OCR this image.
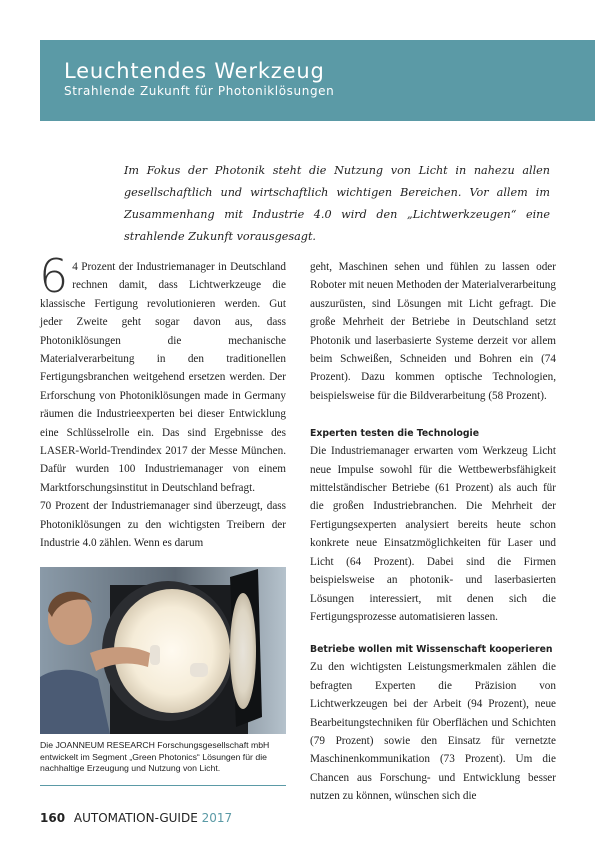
Leuchtendes Werkzeug
Strahlende Zukunft für Photoniklösungen

Im Fokus der Photonik steht die Nutzung von Licht in nahezu allen gesellschaftlich und wirtschaftlich wichtigen Bereichen. Vor allem im Zusammenhang mit Industrie 4.0 wird den „Lichtwerkzeugen“ eine strahlende Zukunft vorausgesagt.

6 4 Prozent der Industriemanager in Deutschland rechnen damit, dass Lichtwerkzeuge die klassische Fertigung revolutionieren werden. Gut jeder Zweite geht sogar davon aus, dass Photoniklösungen die mechanische Materialverarbeitung in den traditionellen Fertigungsbranchen weitgehend ersetzen werden. Der Erforschung von Photoniklösungen made in Germany räumen die Industrieexperten bei dieser Entwicklung eine Schlüsselrolle ein. Das sind Ergebnisse des LASER-World-Trendindex 2017 der Messe München. Dafür wurden 100 Industriemanager von einem Marktforschungsinstitut in Deutschland befragt.

70 Prozent der Industriemanager sind überzeugt, dass Photoniklösungen zu den wichtigsten Treibern der Industrie 4.0 zählen. Wenn es darum

Die JOANNEUM RESEARCH Forschungsgesellschaft mbH entwickelt im Segment „Green Photonics“ Lösungen für die nachhaltige Erzeugung und Nutzung von Licht.

geht, Maschinen sehen und fühlen zu lassen oder Roboter mit neuen Methoden der Materialverarbeitung auszurüsten, sind Lösungen mit Licht gefragt. Die große Mehrheit der Betriebe in Deutschland setzt Photonik und laserbasierte Systeme derzeit vor allem beim Schweißen, Schneiden und Bohren ein (74 Prozent). Dazu kommen optische Technologien, beispielsweise für die Bildverarbeitung (58 Prozent).

Experten testen die Technologie

Die Industriemanager erwarten vom Werkzeug Licht neue Impulse sowohl für die Wettbewerbsfähigkeit mittelständischer Betriebe (61 Prozent) als auch für die großen Industriebranchen. Die Mehrheit der Fertigungsexperten analysiert bereits heute schon konkrete neue Einsatzmöglichkeiten für Laser und Licht (64 Prozent). Dabei sind die Firmen beispielsweise an photonik- und laserbasierten Lösungen interessiert, mit denen sich die Fertigungsprozesse automatisieren lassen.

Betriebe wollen mit Wissenschaft kooperieren

Zu den wichtigsten Leistungsmerkmalen zählen die befragten Experten die Präzision von Lichtwerkzeugen bei der Arbeit (94 Prozent), neue Bearbeitungstechniken für Oberflächen und Schichten (79 Prozent) sowie den Einsatz für vernetzte Maschinenkommunikation (73 Prozent). Um die Chancen aus Forschung- und Entwicklung besser nutzen zu können, wünschen sich die

160 AUTOMATION-GUIDE 2017
